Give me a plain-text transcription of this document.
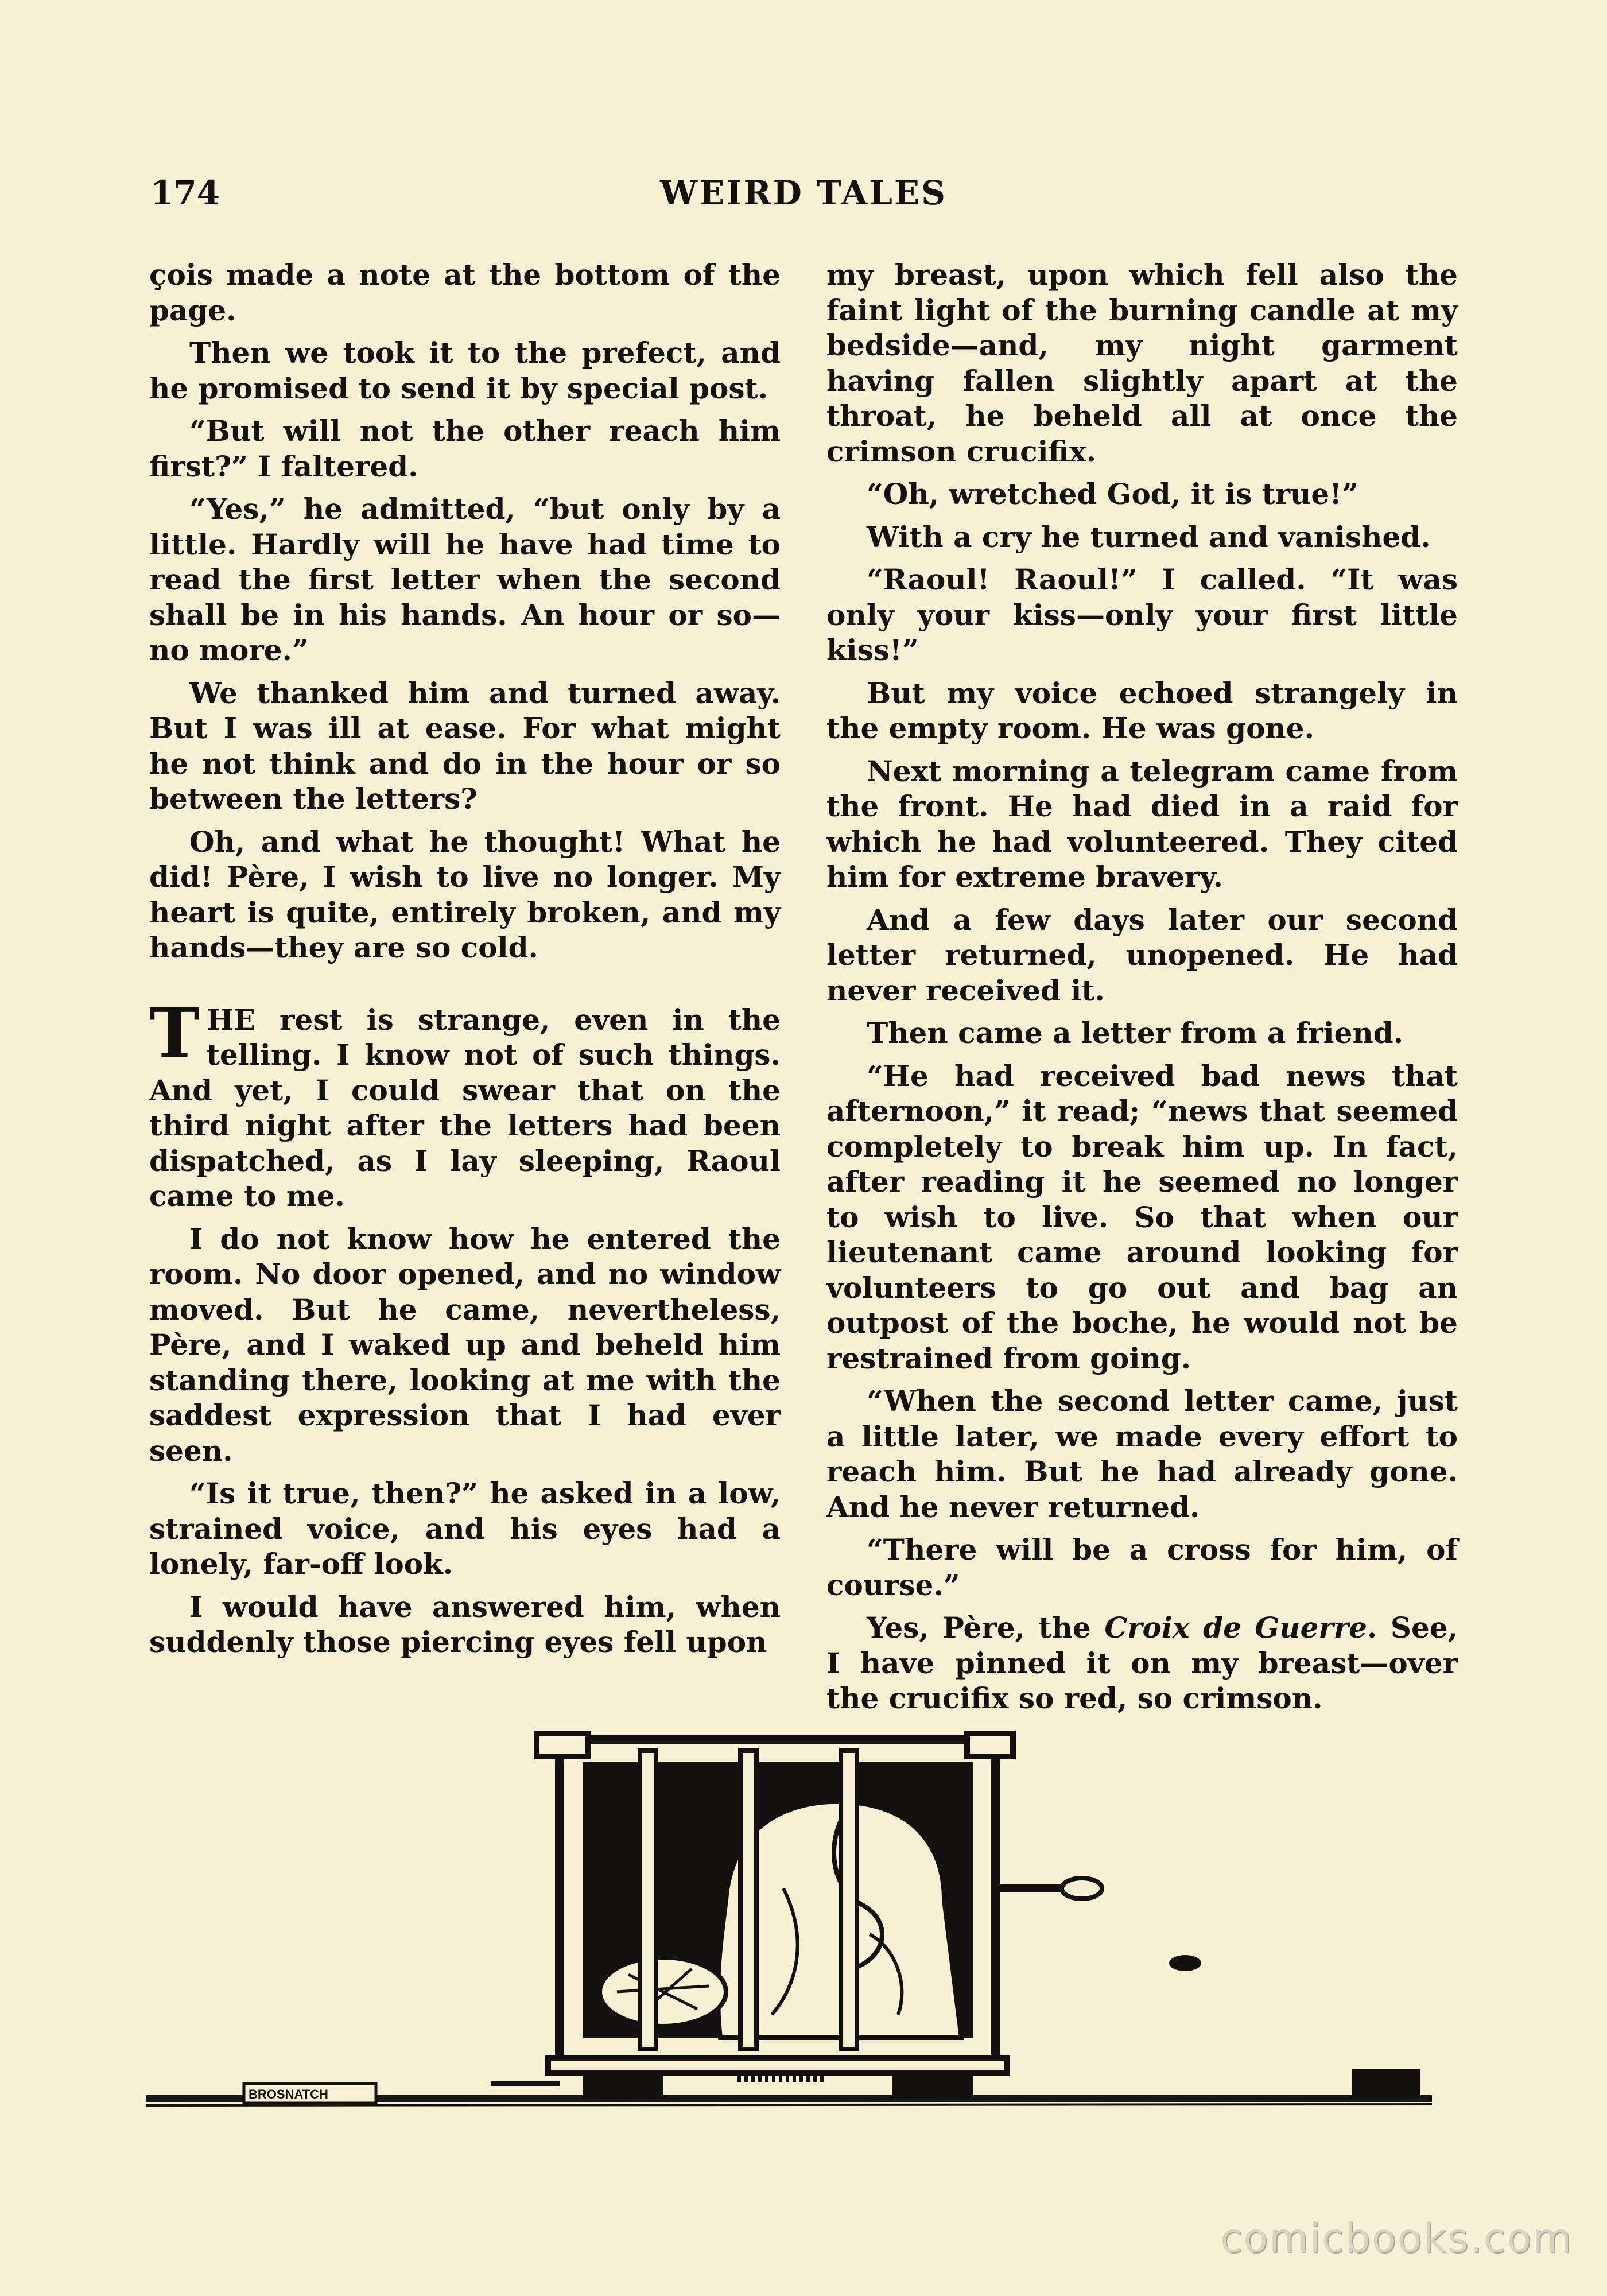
174	WEIRD TALES

çois made a note at the bottom of the page.

Then we took it to the prefect, and he promised to send it by special post.

“But will not the other reach him first?” I faltered.

“Yes,” he admitted, “but only by a little. Hardly will he have had time to read the first letter when the second shall be in his hands. An hour or so—no more.”

We thanked him and turned away. But I was ill at ease. For what might he not think and do in the hour or so between the letters?

Oh, and what he thought! What he did! Père, I wish to live no longer. My heart is quite, entirely broken, and my hands—they are so cold.

THE rest is strange, even in the telling. I know not of such things. And yet, I could swear that on the third night after the letters had been dispatched, as I lay sleeping, Raoul came to me.

I do not know how he entered the room. No door opened, and no window moved. But he came, nevertheless, Père, and I waked up and beheld him standing there, looking at me with the saddest expression that I had ever seen.

“Is it true, then?” he asked in a low, strained voice, and his eyes had a lonely, far-off look.

I would have answered him, when suddenly those piercing eyes fell upon

my breast, upon which fell also the faint light of the burning candle at my bedside—and, my night garment having fallen slightly apart at the throat, he beheld all at once the crimson crucifix.

“Oh, wretched God, it is true!”

With a cry he turned and vanished.

“Raoul! Raoul!” I called. “It was only your kiss—only your first little kiss!”

But my voice echoed strangely in the empty room. He was gone.

Next morning a telegram came from the front. He had died in a raid for which he had volunteered. They cited him for extreme bravery.

And a few days later our second letter returned, unopened. He had never received it.

Then came a letter from a friend.

“He had received bad news that afternoon,” it read; “news that seemed completely to break him up. In fact, after reading it he seemed no longer to wish to live. So that when our lieutenant came around looking for volunteers to go out and bag an outpost of the boche, he would not be restrained from going.

“When the second letter came, just a little later, we made every effort to reach him. But he had already gone. And he never returned.

“There will be a cross for him, of course.”

Yes, Père, the Croix de Guerre. See, I have pinned it on my breast—over the crucifix so red, so crimson.

BROSNATCH
comicbooks.com
